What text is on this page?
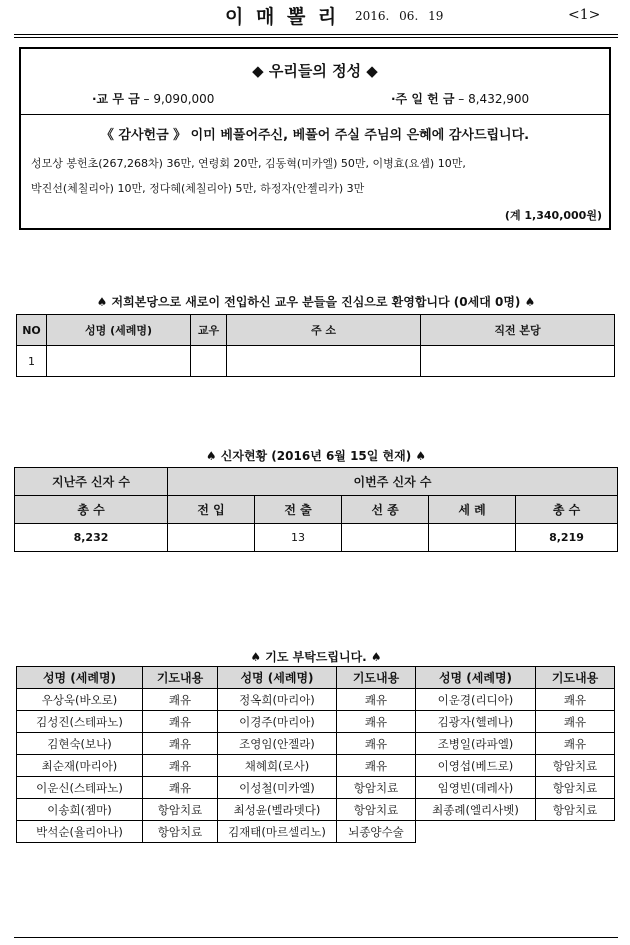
이 매 뽈 리 2016. 06. 19	<1>
◆ 우리들의 정성 ◆
·교 무 금 – 9,090,000	·주 일 헌 금 – 8,432,900
《 감사헌금 》 이미 베풀어주신, 베풀어 주실 주님의 은혜에 감사드립니다.
성모상 봉헌초(267,268차) 36만, 연령회 20만, 김동혁(미카엘) 50만, 이병효(요셉) 10만,
박진선(체칠리아) 10만, 정다혜(체칠리아) 5만, 하정자(안젤리카) 3만
(계 1,340,000원)
♠ 저희본당으로 새로이 전입하신 교우 분들을 진심으로 환영합니다 (0세대 0명) ♠
NO	성명 (세례명)	교우	주 소	직전 본당
1				
♠ 신자현황 (2016년 6월 15일 현재) ♠
지난주 신자 수	이번주 신자 수				
총 수	전 입	전 출	선 종	세 례	총 수
8,232		13			8,219
♠ 기도 부탁드립니다. ♠
성명 (세례명)	기도내용	성명 (세례명)	기도내용	성명 (세례명)	기도내용
우상욱(바오로)	쾌유	정옥희(마리아)	쾌유	이운경(리디아)	쾌유
김성진(스테파노)	쾌유	이경주(마리아)	쾌유	김광자(헬레나)	쾌유
김현숙(보나)	쾌유	조영임(안젤라)	쾌유	조병일(라파엘)	쾌유
최순재(마리아)	쾌유	채혜희(로사)	쾌유	이영섭(베드로)	항암치료
이운신(스테파노)	쾌유	이성철(미카엘)	항암치료	임영빈(데레사)	항암치료
이송희(젬마)	항암치료	최성윤(벨라뎃다)	항암치료	최종례(엘리사벳)	항암치료
박석순(율리아나)	항암치료	김재태(마르셀리노)	뇌종양수술		
